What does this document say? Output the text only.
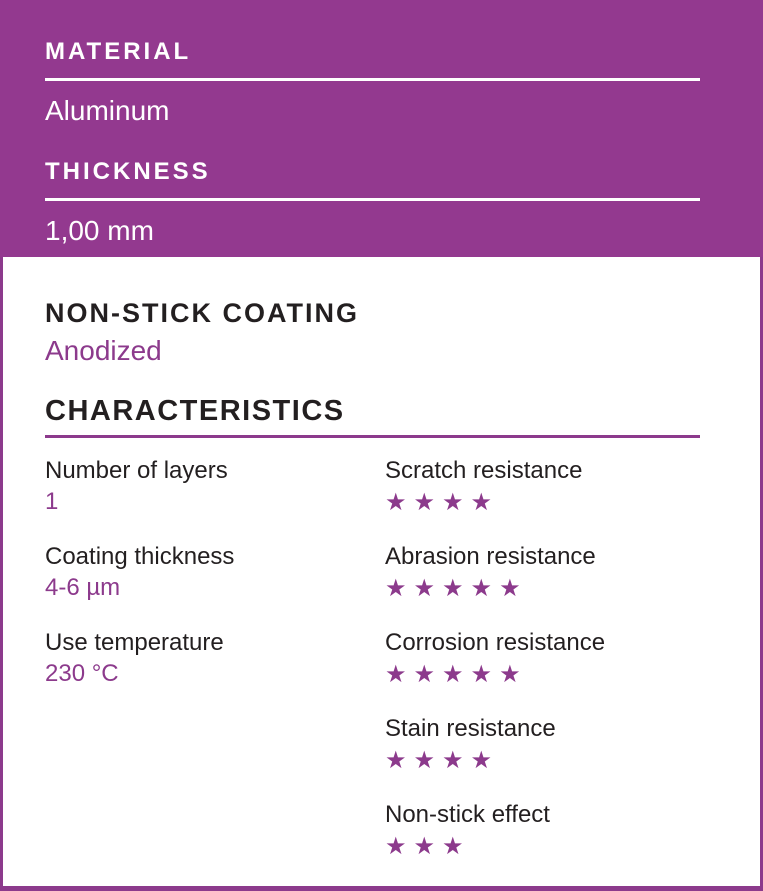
MATERIAL
Aluminum
THICKNESS
1,00 mm
NON-STICK COATING
Anodized
CHARACTERISTICS
Number of layers
1
Coating thickness
4-6 µm
Use temperature
230 °C
Scratch resistance
★★★★
Abrasion resistance
★★★★★
Corrosion resistance
★★★★★
Stain resistance
★★★★
Non-stick effect
★★★
